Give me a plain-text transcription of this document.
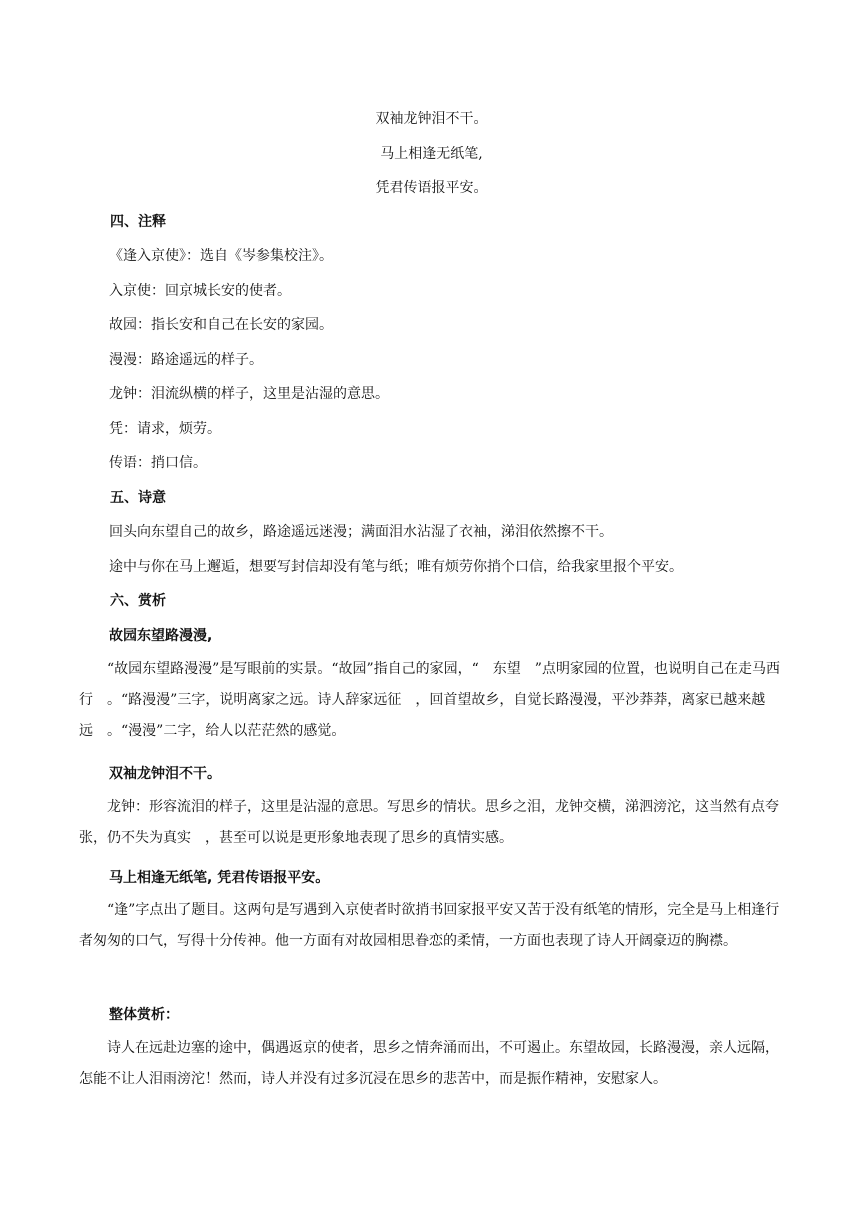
双袖龙钟泪不干。
马上相逢无纸笔,
凭君传语报平安。
四、注释
《逢入京使》：选自《岑参集校注》。
入京使：回京城长安的使者。
故园：指长安和自己在长安的家园。
漫漫：路途遥远的样子。
龙钟：泪流纵横的样子，这里是沾湿的意思。
凭：请求，烦劳。
传语：捎口信。
五、诗意
回头向东望自己的故乡，路途遥远迷漫；满面泪水沾湿了衣袖，涕泪依然擦不干。
途中与你在马上邂逅，想要写封信却没有笔与纸；唯有烦劳你捎个口信，给我家里报个平安。
六、赏析
故园东望路漫漫,
“故园东望路漫漫”是写眼前的实景。“故园”指自己的家园，“　东望　”点明家园的位置，也说明自己在走马西行　。“路漫漫”三字，说明离家之远。诗人辞家远征　，回首望故乡，自觉长路漫漫，平沙莽莽，离家已越来越远　。“漫漫”二字，给人以茫茫然的感觉。
双袖龙钟泪不干。
龙钟：形容流泪的样子，这里是沾湿的意思。写思乡的情状。思乡之泪，龙钟交横，涕泗滂沱，这当然有点夸张，仍不失为真实　，甚至可以说是更形象地表现了思乡的真情实感。
马上相逢无纸笔, 凭君传语报平安。
“逢”字点出了题目。这两句是写遇到入京使者时欲捎书回家报平安又苦于没有纸笔的情形，完全是马上相逢行者匆匆的口气，写得十分传神。他一方面有对故园相思眷恋的柔情，一方面也表现了诗人开阔豪迈的胸襟。
整体赏析：
诗人在远赴边塞的途中，偶遇返京的使者，思乡之情奔涌而出，不可遏止。东望故园，长路漫漫，亲人远隔，怎能不让人泪雨滂沱！然而，诗人并没有过多沉浸在思乡的悲苦中，而是振作精神，安慰家人。
